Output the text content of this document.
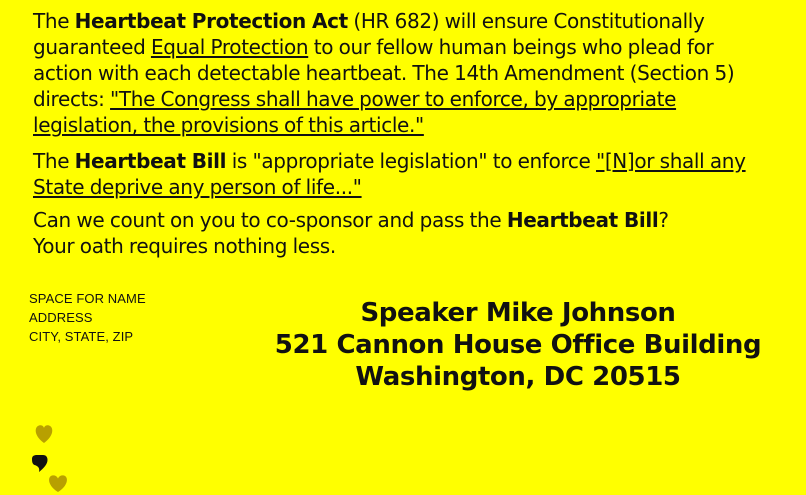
The Heartbeat Protection Act (HR 682) will ensure Constitutionally guaranteed Equal Protection to our fellow human beings who plead for action with each detectable heartbeat. The 14th Amendment (Section 5) directs: "The Congress shall have power to enforce, by appropriate legislation, the provisions of this article."

The Heartbeat Bill is "appropriate legislation" to enforce "[N]or shall any State deprive any person of life..."

Can we count on you to co-sponsor and pass the Heartbeat Bill?
Your oath requires nothing less.

SPACE FOR NAME
ADDRESS
CITY, STATE, ZIP
Speaker Mike Johnson
521 Cannon House Office Building
Washington, DC 20515
